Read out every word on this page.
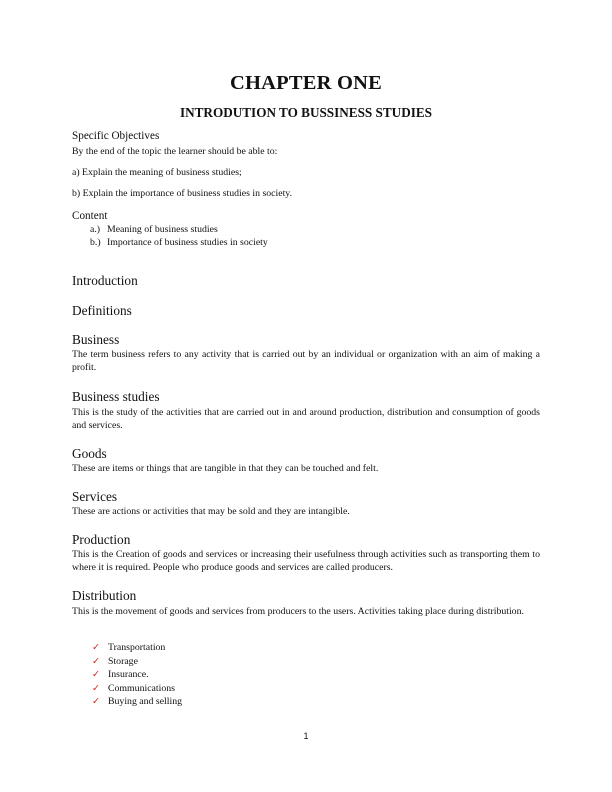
CHAPTER ONE
INTRODUTION TO BUSSINESS STUDIES
Specific Objectives
By the end of the topic the learner should be able to:
a) Explain the meaning of business studies;
b) Explain the importance of business studies in society.
Content
a.) Meaning of business studies
b.) Importance of business studies in society
Introduction
Definitions
Business
The term business refers to any activity that is carried out by an individual or organization with an aim of making a profit.
Business studies
This is the study of the activities that are carried out in and around production, distribution and consumption of goods and services.
Goods
These are items or things that are tangible in that they can be touched and felt.
Services
These are actions or activities that may be sold and they are intangible.
Production
This is the Creation of goods and services or increasing their usefulness through activities such as transporting them to where it is required. People who produce goods and services are called producers.
Distribution
This is the movement of goods and services from producers to the users. Activities taking place during distribution.
✓ Transportation
✓ Storage
✓ Insurance.
✓ Communications
✓ Buying and selling
1
